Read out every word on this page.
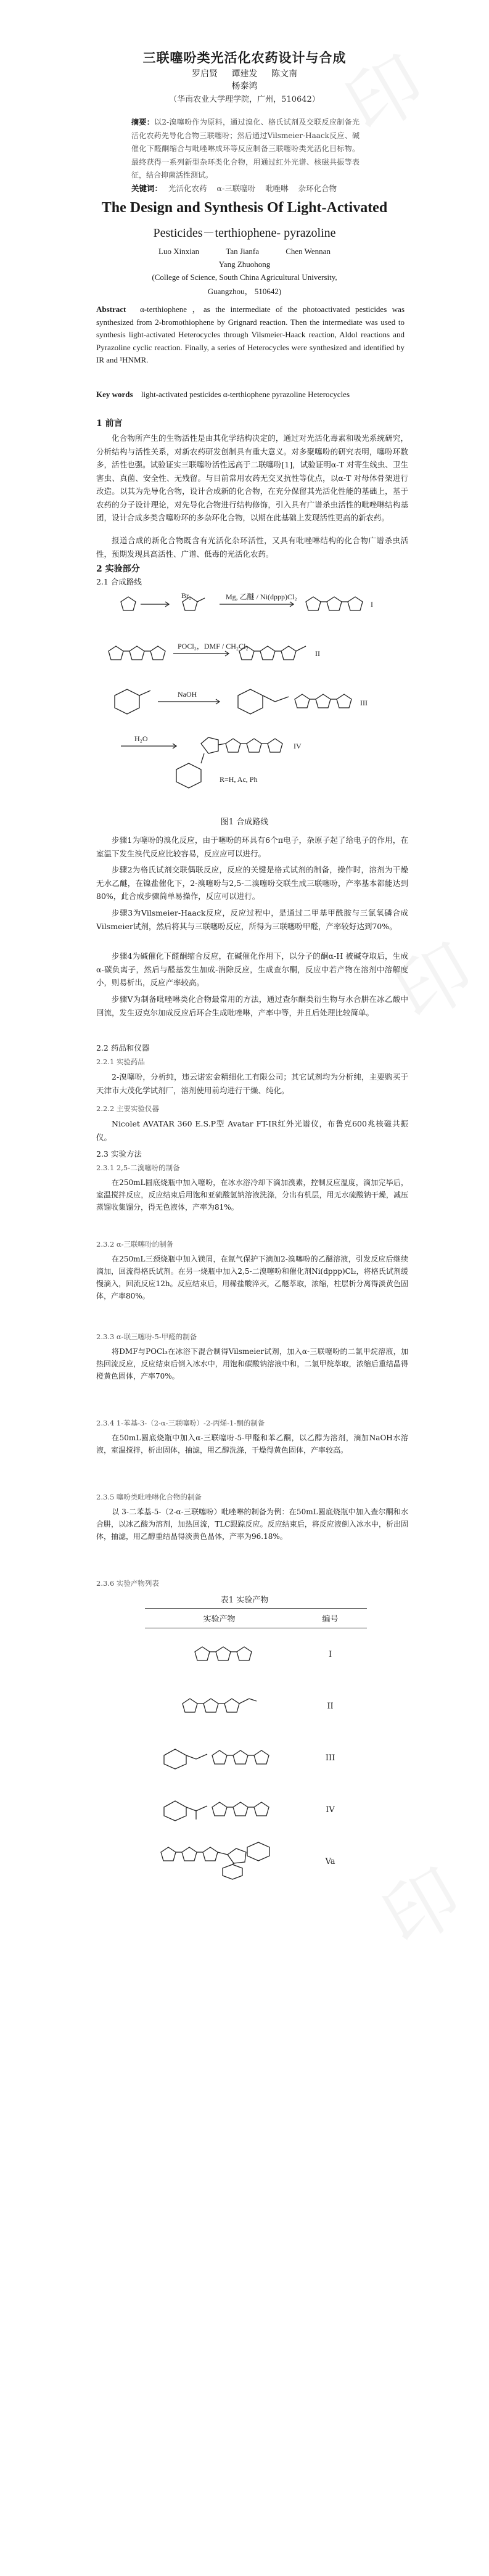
印
印
印
三联噻吩类光活化农药设计与合成
罗启贤 谭建发 陈文南
杨泰鸿
（华南农业大学理学院，广州，510642）
摘要：以2-溴噻吩作为原料，通过溴化、格氏试剂及交联反应制备光活化农药先导化合物三联噻吩；然后通过Vilsmeier-Haack反应、碱催化下醛酮缩合与吡唑啉成环等反应制备三联噻吩类光活化目标物。最终获得一系列新型杂环类化合物，用通过红外光谱、核磁共振等表征，结合抑菌活性测试。
关键词： 光活化农药 α-三联噻吩 吡唑啉 杂环化合物
The Design and Synthesis Of Light-Activated
Pesticides－terthiophene- pyrazoline
Luo Xinxian	Tan Jianfa	Chen Wennan
Yang Zhuohong
(College of Science, South China Agricultural University,
Guangzhou， 510642)
Abstract α-terthiophene ，as the intermediate of the photoactivated pesticides was synthesized from 2-bromothiophene by Grignard reaction. Then the intermediate was used to synthesis light-activated Heterocycles through Vilsmeier-Haack reaction, Aldol reactions and Pyrazoline cyclic reaction. Finally, a series of Heterocycles were synthesized and identified by IR and ¹HNMR.
Key words light-activated pesticides α-terthiophene pyrazoline Heterocycles
1 前言
化合物所产生的生物活性是由其化学结构决定的，通过对光活化毒素和吸光系统研究，分析结构与活性关系，对新农药研发创制具有重大意义。对多聚噻吩的研究表明，噻吩环数多，活性也强。试验证实三联噻吩活性远高于二联噻吩[1]，试验证明α-T 对寄生线虫、卫生害虫、真菌、安全性、无残留。与目前常用农药无交叉抗性等优点，以α-T 对母体骨架进行改造。以其为先导化合物，设计合成新的化合物，在充分保留其光活化性能的基础上，基于农药的分子设计理论，对先导化合物进行结构修饰，引入具有广谱杀虫活性的吡唑啉结构基团，设计合成多类含噻吩环的多杂环化合物，以期在此基础上发现活性更高的新农药。
报道合成的新化合物既含有光活化杂环活性，又具有吡唑啉结构的化合物广谱杀虫活性，预期发现具高活性、广谱、低毒的光活化农药。
2 实验部分
2.1 合成路线
Br₂	Mg, 乙醚 / Ni(dppp)Cl₂
I
POCl₃，DMF / CH₂Cl₂
II
NaOH
III
H₂O
IV
R=H, Ac, Ph
图1 合成路线
步骤1为噻吩的溴化反应，由于噻吩的环具有6个π电子，杂原子起了给电子的作用，在室温下发生溴代反应比较容易，反应应可以进行。
步骤2为格氏试剂交联偶联反应，反应的关键是格式试剂的制备，操作时，溶剂为干燥无水乙醚，在镍盐催化下，2-溴噻吩与2,5-二溴噻吩交联生成三联噻吩，产率基本都能达到80%，此合成步骤简单易操作，反应可以进行。
步骤3为Vilsmeier-Haack反应，反应过程中，是通过二甲基甲酰胺与三氯氧磷合成Vilsmeier试剂，然后将其与三联噻吩反应，所得为三联噻吩甲醛，产率较好达到70%。
步骤4为碱催化下醛酮缩合反应，在碱催化作用下，以分子的酮α-H 被碱夺取后，生成α-碳负离子，然后与醛基发生加成-消除反应，生成查尔酮，反应中若产物在溶剂中溶解度小，则易析出，反应产率较高。
步骤V为制备吡唑啉类化合物最常用的方法，通过查尔酮类衍生物与水合肼在冰乙酸中回流，发生迈克尔加成反应后环合生成吡唑啉，产率中等，并且后处理比较简单。
2.2 药品和仪器
2.2.1 实验药品
2-溴噻吩，分析纯，违云诺宏金精细化工有限公司；其它试剂均为分析纯，主要购买于天津市大茂化学试剂厂，溶剂使用前均进行干燥、纯化。
2.2.2 主要实验仪器
Nicolet AVATAR 360 E.S.P型 Avatar FT-IR红外光谱仪，布鲁克600兆核磁共振仪。
2.3 实验方法
2.3.1 2,5-二溴噻吩的制备
在250mL圆底烧瓶中加入噻吩，在冰水浴冷却下滴加溴素，控制反应温度，滴加完毕后，室温搅拌反应，反应结束后用饱和亚硫酸氢钠溶液洗涤，分出有机层，用无水硫酸钠干燥，减压蒸馏收集馏分，得无色液体，产率为81%。
2.3.2 α-三联噻吩的制备
在250mL三颈烧瓶中加入镁屑，在氮气保护下滴加2-溴噻吩的乙醚溶液，引发反应后继续滴加，回流得格氏试剂。在另一烧瓶中加入2,5-二溴噻吩和催化剂Ni(dppp)Cl₂，将格氏试剂缓慢滴入，回流反应12h。反应结束后，用稀盐酸淬灭，乙醚萃取，浓缩，柱层析分离得淡黄色固体，产率80%。
2.3.3 α-联三噻吩-5-甲醛的制备
将DMF与POCl₃在冰浴下混合制得Vilsmeier试剂，加入α-三联噻吩的二氯甲烷溶液，加热回流反应，反应结束后倒入冰水中，用饱和碳酸钠溶液中和，二氯甲烷萃取，浓缩后重结晶得橙黄色固体，产率70%。
2.3.4 1-苯基-3-（2-α-三联噻吩）-2-丙烯-1-酮的制备
在50mL圆底烧瓶中加入α-三联噻吩-5-甲醛和苯乙酮，以乙醇为溶剂，滴加NaOH水溶液，室温搅拌，析出固体，抽滤，用乙醇洗涤，干燥得黄色固体，产率较高。
2.3.5 噻吩类吡唑啉化合物的制备
以 3-二苯基-5-（2-α-三联噻吩）吡唑啉的制备为例：在50mL圆底烧瓶中加入查尔酮和水合肼，以冰乙酸为溶剂，加热回流，TLC跟踪反应。反应结束后，将反应液倒入冰水中，析出固体，抽滤，用乙醇重结晶得淡黄色晶体，产率为96.18%。
2.3.6 实验产物列表
表1 实验产物
实验产物	编号
	I
	II
	III
	IV
	Va
